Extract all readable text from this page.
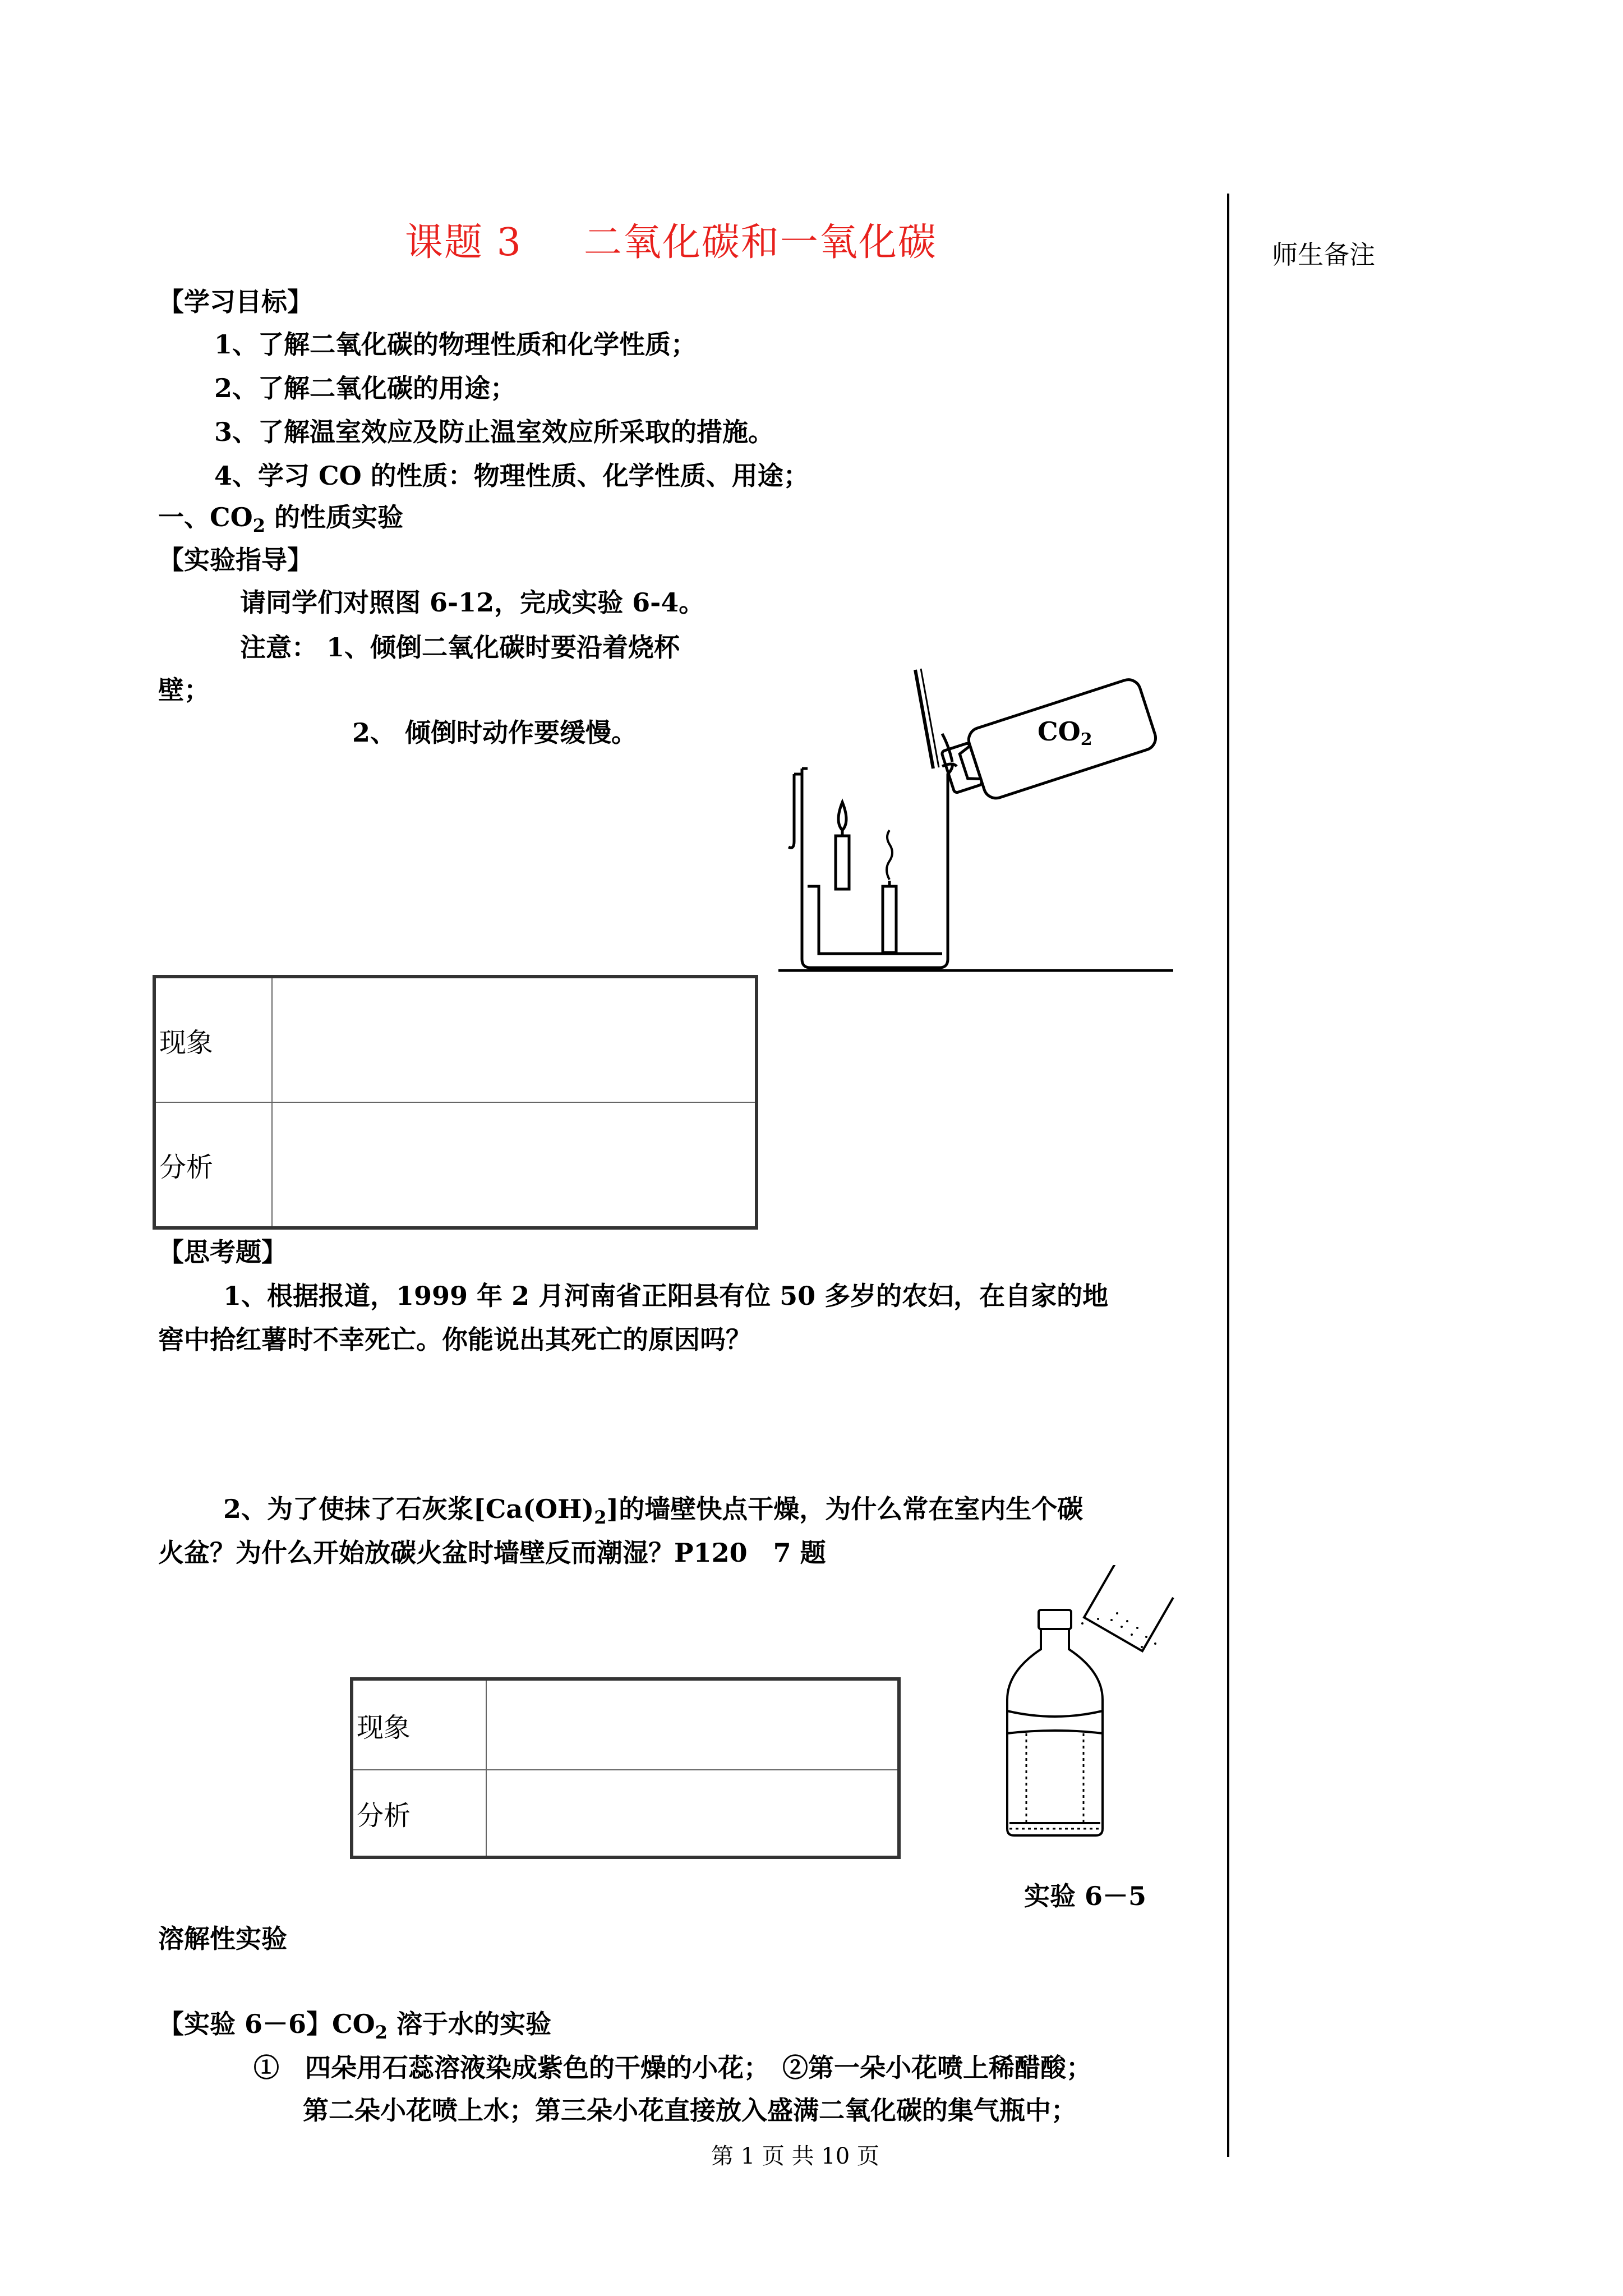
师生备注
课题 3 二氧化碳和一氧化碳
【学习目标】
1、了解二氧化碳的物理性质和化学性质；
2、了解二氧化碳的用途；
3、了解温室效应及防止温室效应所采取的措施。
4、学习 CO 的性质：物理性质、化学性质、用途；
一、$CO_2$ 的性质实验
【实验指导】
请同学们对照图 6-12，完成实验 6-4。
注意： 1、倾倒二氧化碳时要沿着烧杯
壁；
2、 倾倒时动作要缓慢。	CO2
现象	
分析	
【思考题】
1、根据报道，1999 年 2 月河南省正阳县有位 50 多岁的农妇，在自家的地
窖中拾红薯时不幸死亡。你能说出其死亡的原因吗？
2、为了使抹了石灰浆$[Ca(OH)_2]$的墙壁快点干燥，为什么常在室内生个碳
火盆？为什么开始放碳火盆时墙壁反而潮湿？P120　7 题
现象	
分析	
实验 6－5
溶解性实验
【实验 6－6】$CO_2$ 溶于水的实验
①　四朵用石蕊溶液染成紫色的干燥的小花；　②第一朵小花喷上稀醋酸；
第二朵小花喷上水；第三朵小花直接放入盛满二氧化碳的集气瓶中；
第 1 页 共 10 页
